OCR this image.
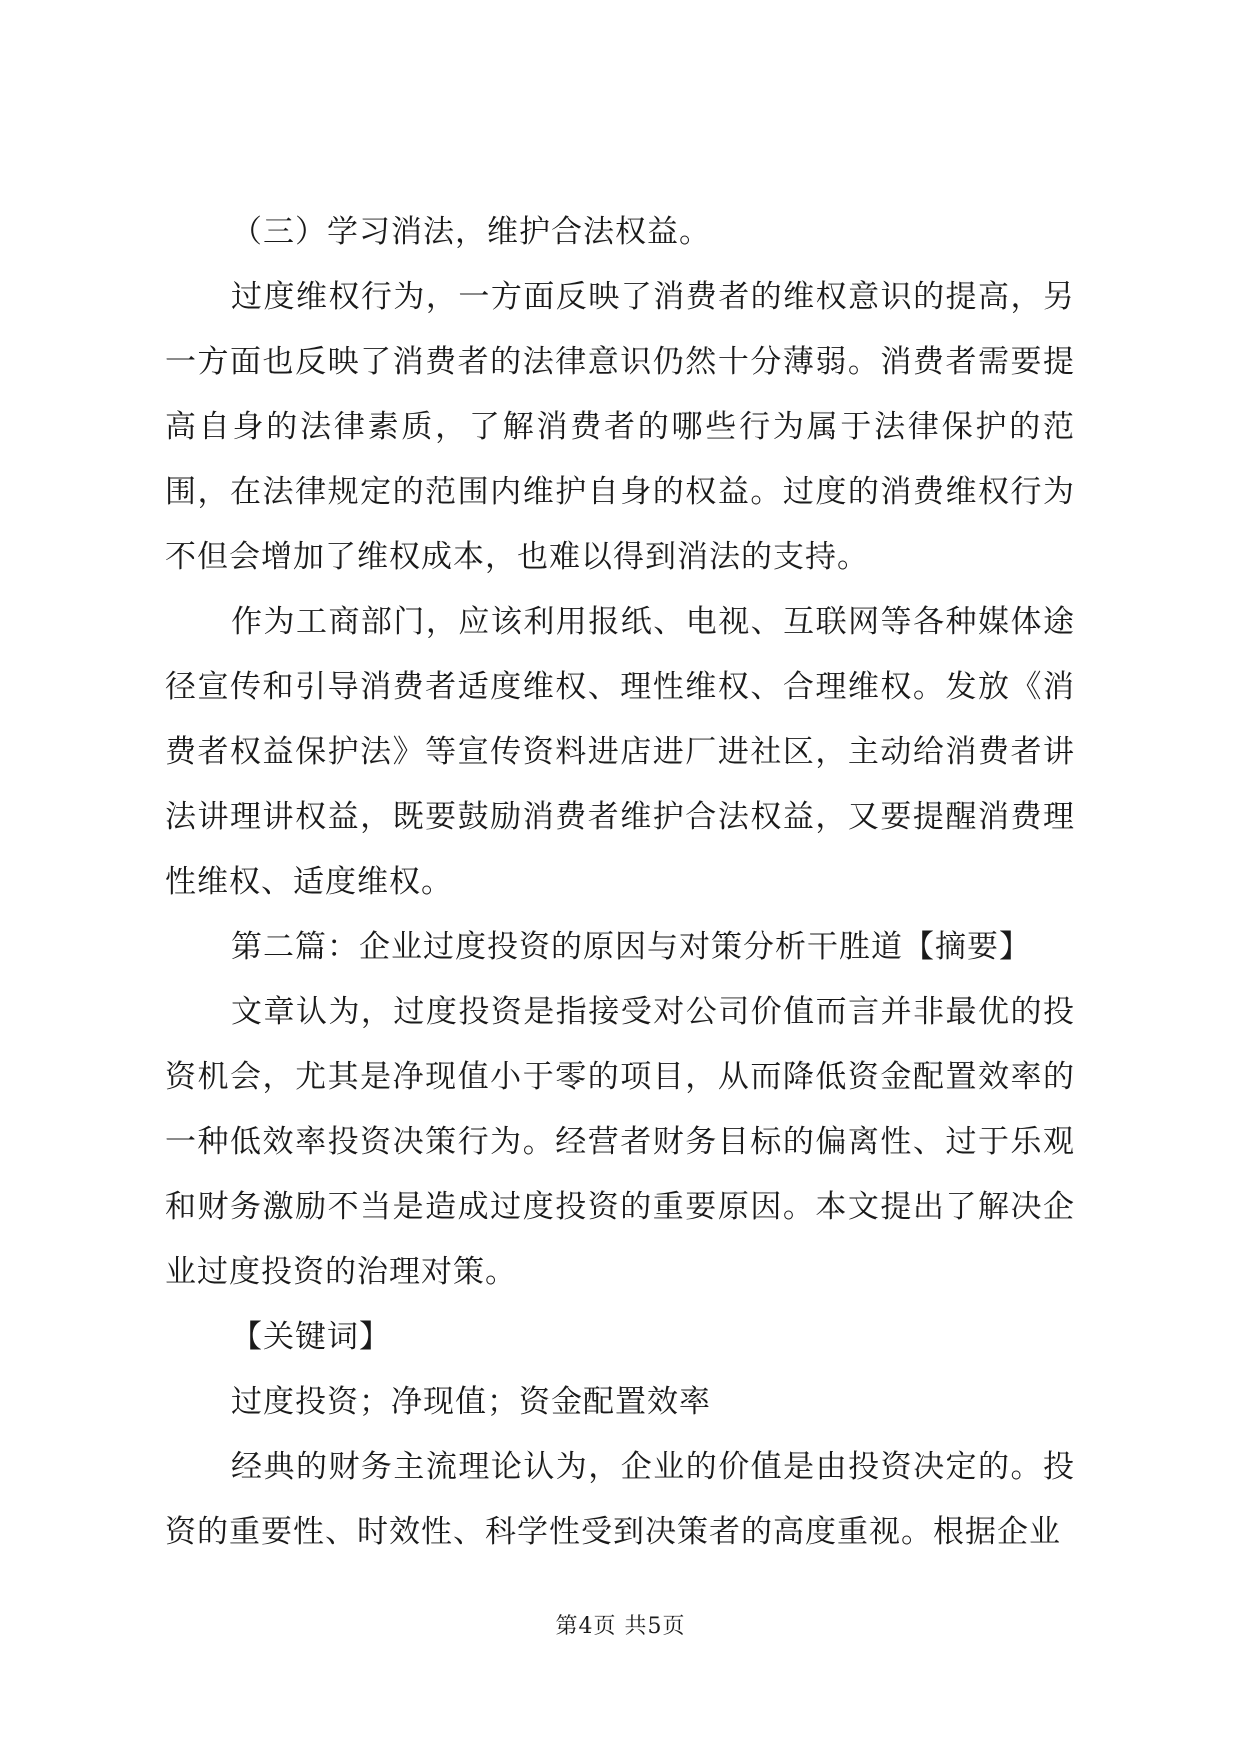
（三）学习消法，维护合法权益。

过度维权行为，一方面反映了消费者的维权意识的提高，另一方面也反映了消费者的法律意识仍然十分薄弱。消费者需要提高自身的法律素质，了解消费者的哪些行为属于法律保护的范围，在法律规定的范围内维护自身的权益。过度的消费维权行为不但会增加了维权成本，也难以得到消法的支持。

作为工商部门，应该利用报纸、电视、互联网等各种媒体途径宣传和引导消费者适度维权、理性维权、合理维权。发放《消费者权益保护法》等宣传资料进店进厂进社区，主动给消费者讲法讲理讲权益，既要鼓励消费者维护合法权益，又要提醒消费理性维权、适度维权。

第二篇：企业过度投资的原因与对策分析干胜道【摘要】

文章认为，过度投资是指接受对公司价值而言并非最优的投资机会，尤其是净现值小于零的项目，从而降低资金配置效率的一种低效率投资决策行为。经营者财务目标的偏离性、过于乐观和财务激励不当是造成过度投资的重要原因。本文提出了解决企业过度投资的治理对策。

【关键词】

过度投资；净现值；资金配置效率

经典的财务主流理论认为，企业的价值是由投资决定的。投资的重要性、时效性、科学性受到决策者的高度重视。根据企业

第4页 共5页
